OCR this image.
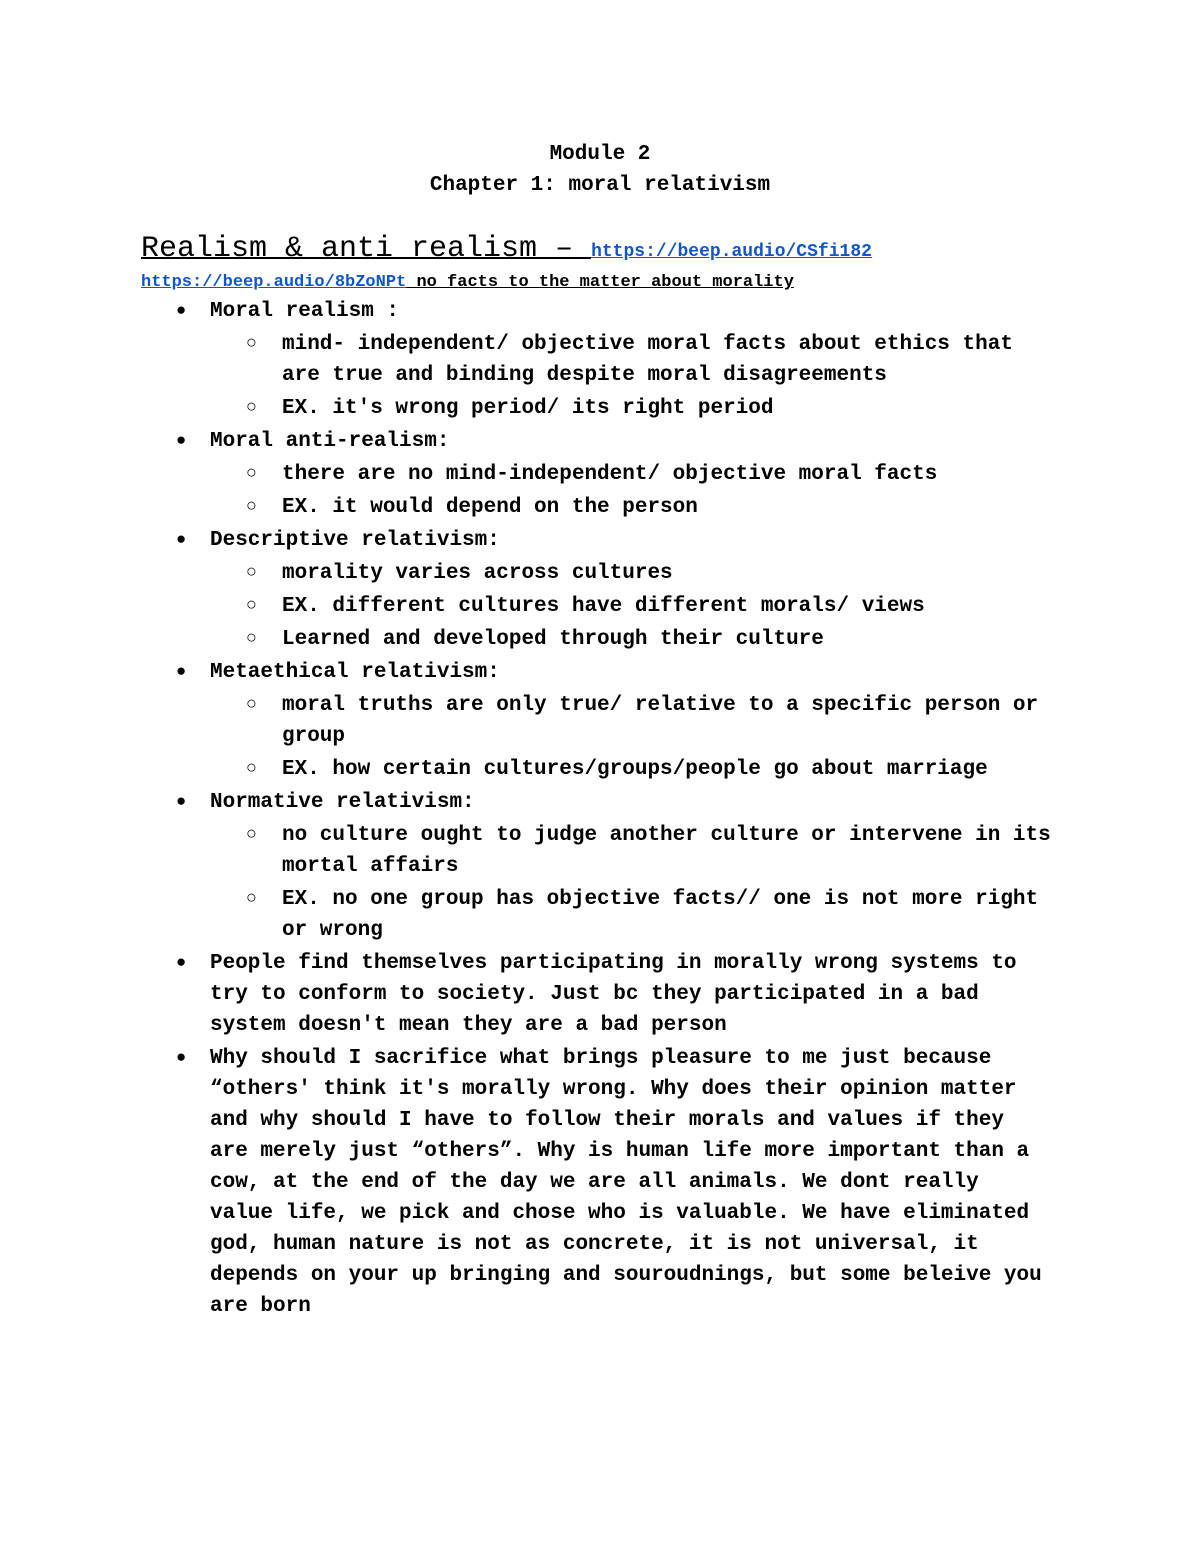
Module 2
Chapter 1: moral relativism
Realism & anti realism – https://beep.audio/CSfi182
https://beep.audio/8bZoNPt no facts to the matter about morality
● Moral realism :
○ mind- independent/ objective moral facts about ethics that are true and binding despite moral disagreements
○ EX. it's wrong period/ its right period
● Moral anti-realism:
○ there are no mind-independent/ objective moral facts
○ EX. it would depend on the person
● Descriptive relativism:
○ morality varies across cultures
○ EX. different cultures have different morals/ views
○ Learned and developed through their culture
● Metaethical relativism:
○ moral truths are only true/ relative to a specific person or group
○ EX. how certain cultures/groups/people go about marriage
● Normative relativism:
○ no culture ought to judge another culture or intervene in its mortal affairs
○ EX. no one group has objective facts// one is not more right or wrong
● People find themselves participating in morally wrong systems to try to conform to society. Just bc they participated in a bad system doesn't mean they are a bad person
● Why should I sacrifice what brings pleasure to me just because “others' think it's morally wrong. Why does their opinion matter and why should I have to follow their morals and values if they are merely just “others”. Why is human life more important than a cow, at the end of the day we are all animals. We dont really value life, we pick and chose who is valuable. We have eliminated god, human nature is not as concrete, it is not universal, it depends on your up bringing and souroudnings, but some beleive you are born
